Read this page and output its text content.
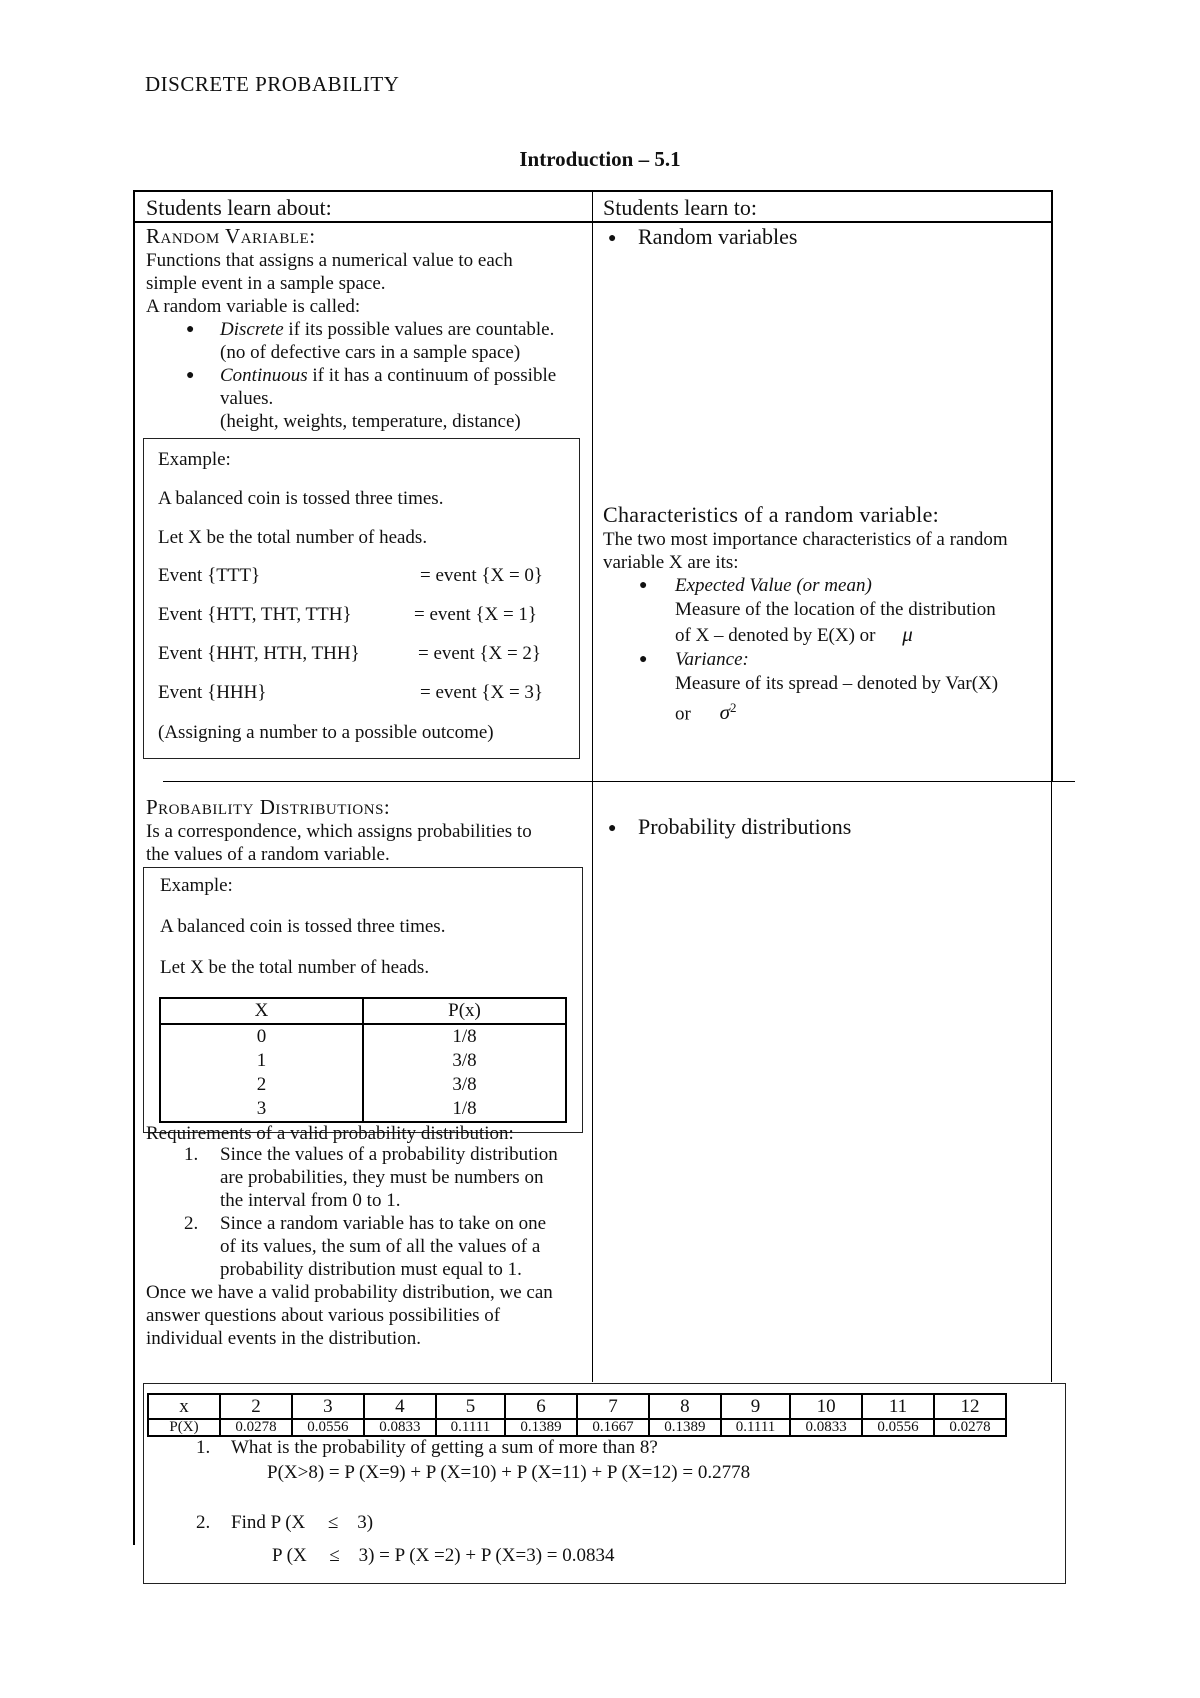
DISCRETE PROBABILITY
Introduction – 5.1
Students learn about:	Students learn to:
Random Variable:
Functions that assigns a numerical value to each
simple event in a sample space.
A random variable is called:
● Discrete if its possible values are countable.
(no of defective cars in a sample space)
● Continuous if it has a continuum of possible
values.
(height, weights, temperature, distance)

Example:

A balanced coin is tossed three times.

Let X be the total number of heads.

Event {TTT}	= event {X = 0}
Event {HTT, THT, TTH}	= event {X = 1}
Event {HHT, HTH, THH}	= event {X = 2}
Event {HHH}	= event {X = 3}

(Assigning a number to a possible outcome)

● Random variables
Characteristics of a random variable:
The two most importance characteristics of a random
variable X are its:
● Expected Value (or mean)
Measure of the location of the distribution
of X – denoted by E(X) or μ
● Variance:
Measure of its spread – denoted by Var(X)
or $\sigma^2$
Probability Distributions:
Is a correspondence, which assigns probabilities to
the values of a random variable.

Example:

A balanced coin is tossed three times.

Let X be the total number of heads.

X	P(x)
0	1/8
1	3/8
2	3/8
3	1/8
Requirements of a valid probability distribution:
1. Since the values of a probability distribution
are probabilities, they must be numbers on
the interval from 0 to 1.
2. Since a random variable has to take on one
of its values, the sum of all the values of a
probability distribution must equal to 1.
Once we have a valid probability distribution, we can
answer questions about various possibilities of
individual events in the distribution.
● Probability distributions
x	2	3	4	5	6	7	8	9	10	11	12
P(X)	0.0278	0.0556	0.0833	0.1111	0.1389	0.1667	0.1389	0.1111	0.0833	0.0556	0.0278
1. What is the probability of getting a sum of more than 8?
P(X>8) = P (X=9) + P (X=10) + P (X=11) + P (X=12) = 0.2778
2. Find P (X ≤ 3)
P (X ≤ 3) = P (X =2) + P (X=3) = 0.0834
